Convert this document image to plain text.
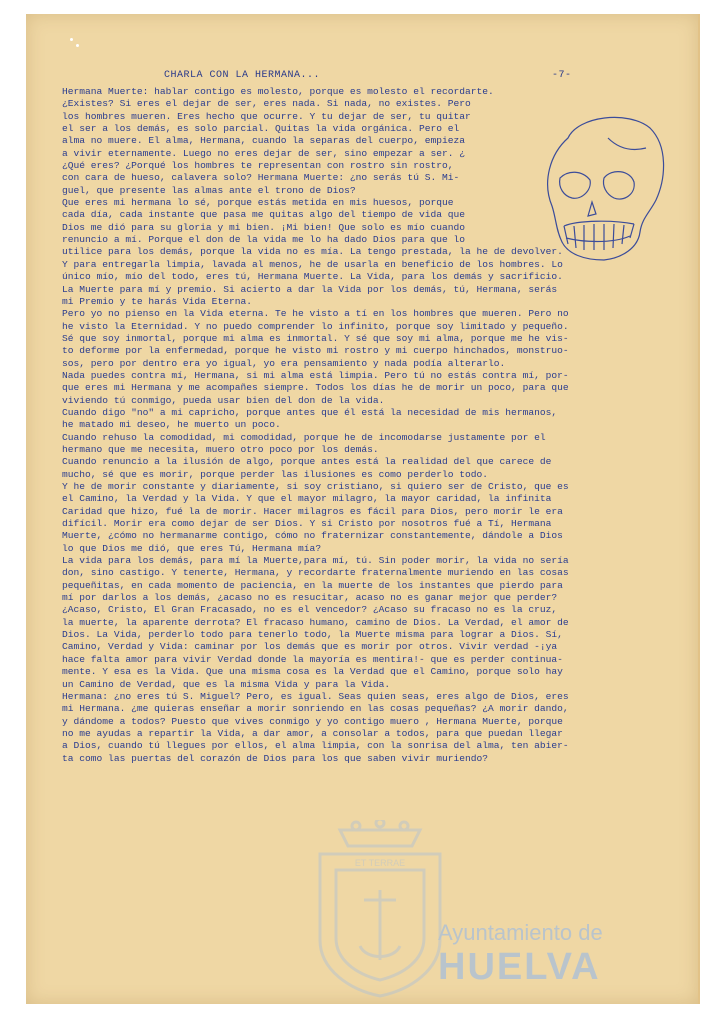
CHARLA CON LA HERMANA...	-7-
Hermana Muerte: hablar contigo es molesto, porque es molesto el recordarte.
¿Existes? Si eres el dejar de ser, eres nada. Si nada, no existes. Pero
los hombres mueren. Eres hecho que ocurre. Y tu dejar de ser, tu quitar
el ser a los demás, es solo parcial. Quitas la vida orgánica. Pero el
alma no muere. El alma, Hermana, cuando la separas del cuerpo, empieza
a vivir eternamente. Luego no eres dejar de ser, sino empezar a ser. ¿
¿Qué eres? ¿Porqué los hombres te representan con rostro sin rostro,
con cara de hueso, calavera solo? Hermana Muerte: ¿no serás tú S. Mi-
guel, que presente las almas ante el trono de Dios?
Que eres mi hermana lo sé, porque estás metida en mis huesos, porque
cada día, cada instante que pasa me quitas algo del tiempo de vida que
Dios me dió para su gloria y mi bien. ¡Mi bien! Que solo es mío cuando
renuncio a mí. Porque el don de la vida me lo ha dado Dios para que lo
utilice para los demás, porque la vida no es mía. La tengo prestada, la he de devolver.
Y para entregarla limpia, lavada al menos, he de usarla en beneficio de los hombres. Lo
único mío, mío del todo, eres tú, Hermana Muerte. La Vida, para los demás y sacrificio.
La Muerte para mí y premio. Si acierto a dar la Vida por los demás, tú, Hermana, serás
mi Premio y te harás Vida Eterna.
Pero yo no pienso en la Vida eterna. Te he visto a tí en los hombres que mueren. Pero no
he visto la Eternidad. Y no puedo comprender lo infinito, porque soy limitado y pequeño.
Sé que soy inmortal, porque mi alma es inmortal. Y sé que soy mi alma, porque me he vis-
to deforme por la enfermedad, porque he visto mi rostro y mi cuerpo hinchados, monstruo-
sos, pero por dentro era yo igual, yo era pensamiento y nada podía alterarlo.
Nada puedes contra mí, Hermana, si mi alma está limpia. Pero tú no estás contra mí, por-
que eres mi Hermana y me acompañes siempre. Todos los días he de morir un poco, para que
viviendo tú conmigo, pueda usar bien del don de la vida.
Cuando digo "no" a mi capricho, porque antes que él está la necesidad de mis hermanos,
he matado mi deseo, he muerto un poco.
Cuando rehuso la comodidad, mi comodidad, porque he de incomodarse justamente por el
hermano que me necesita, muero otro poco por los demás.
Cuando renuncio a la ilusión de algo, porque antes está la realidad del que carece de
mucho, sé que es morir, porque perder las ilusiones es como perderlo todo.
Y he de morir constante y diariamente, si soy cristiano, si quiero ser de Cristo, que es
el Camino, la Verdad y la Vida. Y que el mayor milagro, la mayor caridad, la infinita
Caridad que hizo, fué la de morir. Hacer milagros es fácil para Dios, pero morir le era
difícil. Morir era como dejar de ser Dios. Y si Cristo por nosotros fué a Tí, Hermana
Muerte, ¿cómo no hermanarme contigo, cómo no fraternizar constantemente, dándole a Dios
lo que Dios me dió, que eres Tú, Hermana mía?
La vida para los demás, para mí la Muerte,para mí, tú. Sin poder morir, la vida no sería
don, sino castigo. Y tenerte, Hermana, y recordarte fraternalmente muriendo en las cosas
pequeñitas, en cada momento de paciencia, en la muerte de los instantes que pierdo para
mí por darlos a los demás, ¿acaso no es resucitar, acaso no es ganar mejor que perder?
¿Acaso, Cristo, El Gran Fracasado, no es el vencedor? ¿Acaso su fracaso no es la cruz,
la muerte, la aparente derrota? El fracaso humano, camino de Dios. La Verdad, el amor de
Dios. La Vida, perderlo todo para tenerlo todo, la Muerte misma para lograr a Dios. Sí,
Camino, Verdad y Vida: caminar por los demás que es morir por otros. Vivir verdad -¡ya
hace falta amor para vivir Verdad donde la mayoría es mentira!- que es perder continua-
mente. Y esa es la Vida. Que una misma cosa es la Verdad que el Camino, porque solo hay
un Camino de Verdad, que es la misma Vida y para la Vida.
Hermana: ¿no eres tú S. Miguel? Pero, es igual. Seas quien seas, eres algo de Dios, eres
mi Hermana. ¿me quieras enseñar a morir sonriendo en las cosas pequeñas? ¿A morir dando,
y dándome a todos? Puesto que vives conmigo y yo contigo muero , Hermana Muerte, porque
no me ayudas a repartir la Vida, a dar amor, a consolar a todos, para que puedan llegar
a Dios, cuando tú llegues por ellos, el alma limpia, con la sonrisa del alma, ten abier-
ta como las puertas del corazón de Dios para los que saben vivir muriendo?
ET TERRAE
Ayuntamiento de
HUELVA
